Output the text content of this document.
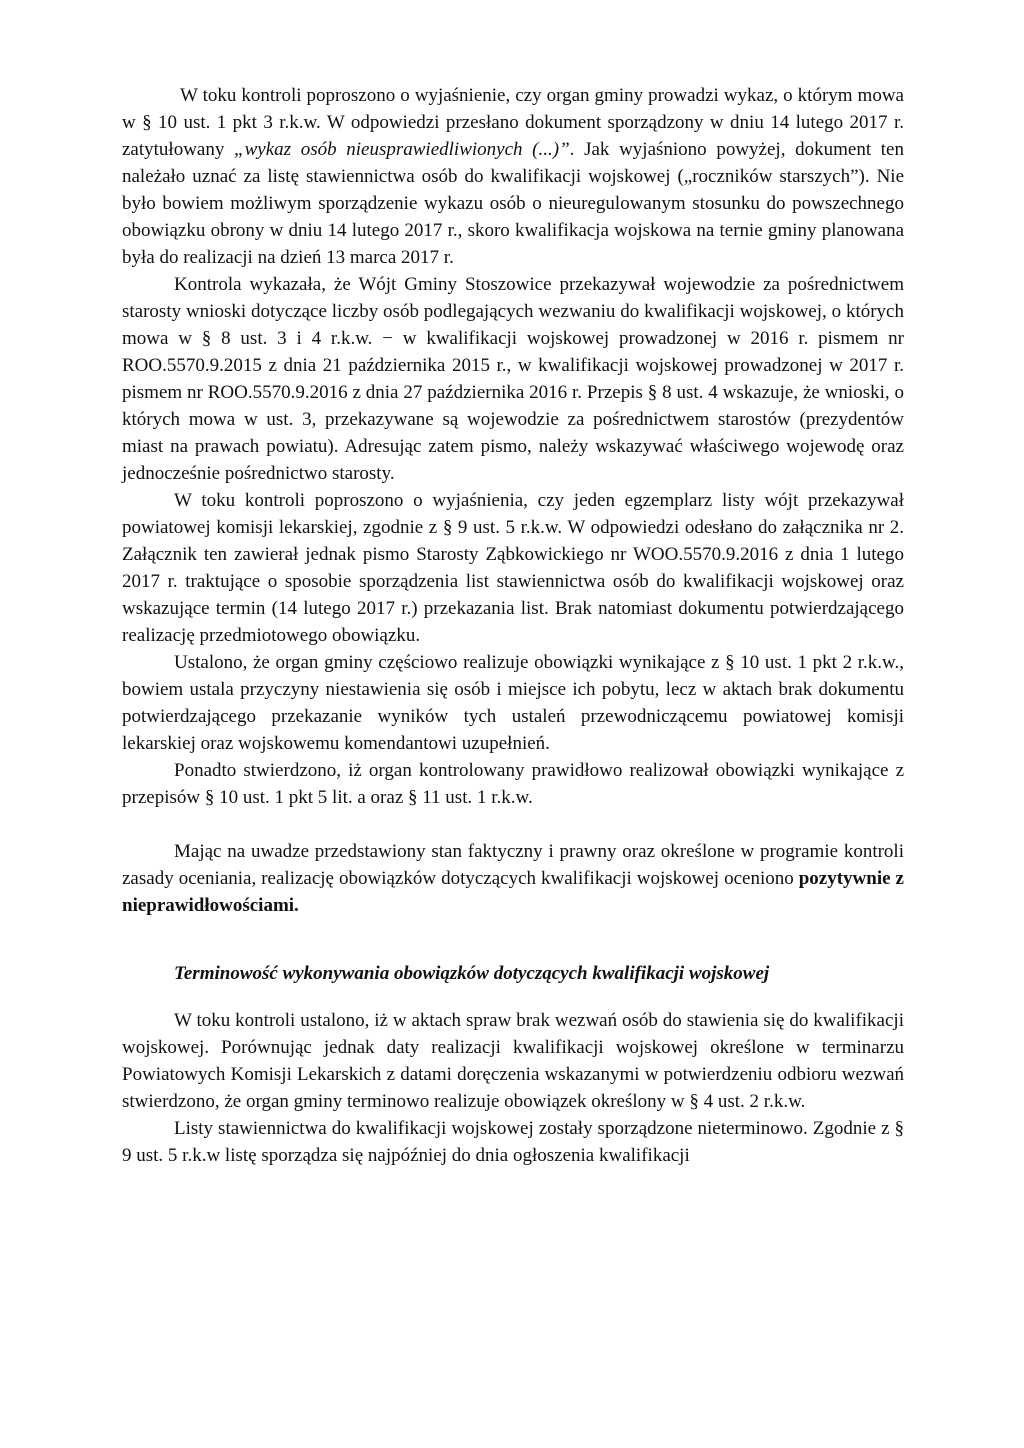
W toku kontroli poproszono o wyjaśnienie, czy organ gminy prowadzi wykaz, o którym mowa w § 10 ust. 1 pkt 3 r.k.w. W odpowiedzi przesłano dokument sporządzony w dniu 14 lutego 2017 r. zatytułowany „wykaz osób nieusprawiedliwionych (...)”. Jak wyjaśniono powyżej, dokument ten należało uznać za listę stawiennictwa osób do kwalifikacji wojskowej („roczników starszych”). Nie było bowiem możliwym sporządzenie wykazu osób o nieuregulowanym stosunku do powszechnego obowiązku obrony w dniu 14 lutego 2017 r., skoro kwalifikacja wojskowa na ternie gminy planowana była do realizacji na dzień 13 marca 2017 r.

Kontrola wykazała, że Wójt Gminy Stoszowice przekazywał wojewodzie za pośrednictwem starosty wnioski dotyczące liczby osób podlegających wezwaniu do kwalifikacji wojskowej, o których mowa w § 8 ust. 3 i 4 r.k.w. − w kwalifikacji wojskowej prowadzonej w 2016 r. pismem nr ROO.5570.9.2015 z dnia 21 października 2015 r., w kwalifikacji wojskowej prowadzonej w 2017 r. pismem nr ROO.5570.9.2016 z dnia 27 października 2016 r. Przepis § 8 ust. 4 wskazuje, że wnioski, o których mowa w ust. 3, przekazywane są wojewodzie za pośrednictwem starostów (prezydentów miast na prawach powiatu). Adresując zatem pismo, należy wskazywać właściwego wojewodę oraz jednocześnie pośrednictwo starosty.

W toku kontroli poproszono o wyjaśnienia, czy jeden egzemplarz listy wójt przekazywał powiatowej komisji lekarskiej, zgodnie z § 9 ust. 5 r.k.w. W odpowiedzi odesłano do załącznika nr 2. Załącznik ten zawierał jednak pismo Starosty Ząbkowickiego nr WOO.5570.9.2016 z dnia 1 lutego 2017 r. traktujące o sposobie sporządzenia list stawiennictwa osób do kwalifikacji wojskowej oraz wskazujące termin (14 lutego 2017 r.) przekazania list. Brak natomiast dokumentu potwierdzającego realizację przedmiotowego obowiązku.

Ustalono, że organ gminy częściowo realizuje obowiązki wynikające z § 10 ust. 1 pkt 2 r.k.w., bowiem ustala przyczyny niestawienia się osób i miejsce ich pobytu, lecz w aktach brak dokumentu potwierdzającego przekazanie wyników tych ustaleń przewodniczącemu powiatowej komisji lekarskiej oraz wojskowemu komendantowi uzupełnień.

Ponadto stwierdzono, iż organ kontrolowany prawidłowo realizował obowiązki wynikające z przepisów § 10 ust. 1 pkt 5 lit. a oraz § 11 ust. 1 r.k.w.

Mając na uwadze przedstawiony stan faktyczny i prawny oraz określone w programie kontroli zasady oceniania, realizację obowiązków dotyczących kwalifikacji wojskowej oceniono pozytywnie z nieprawidłowościami.

Terminowość wykonywania obowiązków dotyczących kwalifikacji wojskowej

W toku kontroli ustalono, iż w aktach spraw brak wezwań osób do stawienia się do kwalifikacji wojskowej. Porównując jednak daty realizacji kwalifikacji wojskowej określone w terminarzu Powiatowych Komisji Lekarskich z datami doręczenia wskazanymi w potwierdzeniu odbioru wezwań stwierdzono, że organ gminy terminowo realizuje obowiązek określony w § 4 ust. 2 r.k.w.

Listy stawiennictwa do kwalifikacji wojskowej zostały sporządzone nieterminowo. Zgodnie z § 9 ust. 5 r.k.w listę sporządza się najpóźniej do dnia ogłoszenia kwalifikacji
